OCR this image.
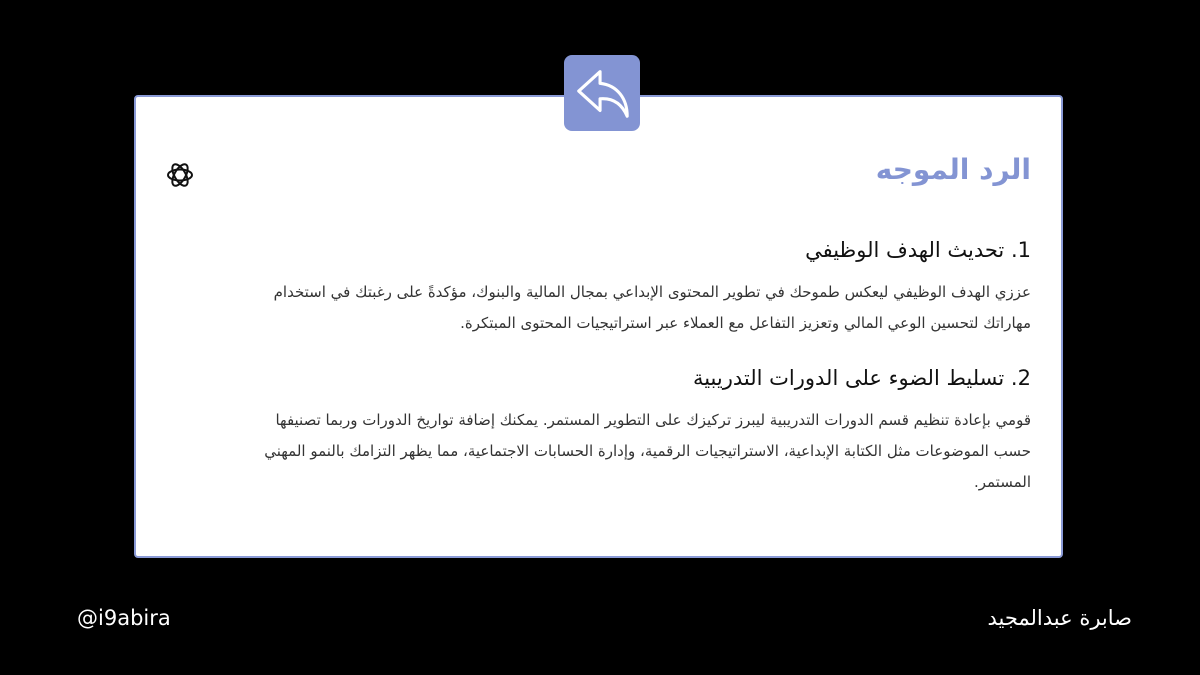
الرد الموجه
1. تحديث الهدف الوظيفي

عززي الهدف الوظيفي ليعكس طموحك في تطوير المحتوى الإبداعي بمجال المالية والبنوك، مؤكدةً على رغبتك في استخدام مهاراتك لتحسين الوعي المالي وتعزيز التفاعل مع العملاء عبر استراتيجيات المحتوى المبتكرة.

2. تسليط الضوء على الدورات التدريبية

قومي بإعادة تنظيم قسم الدورات التدريبية ليبرز تركيزك على التطوير المستمر. يمكنك إضافة تواريخ الدورات وربما تصنيفها حسب الموضوعات مثل الكتابة الإبداعية، الاستراتيجيات الرقمية، وإدارة الحسابات الاجتماعية، مما يظهر التزامك بالنمو المهني المستمر.

@i9abira	صابرة عبدالمجيد
